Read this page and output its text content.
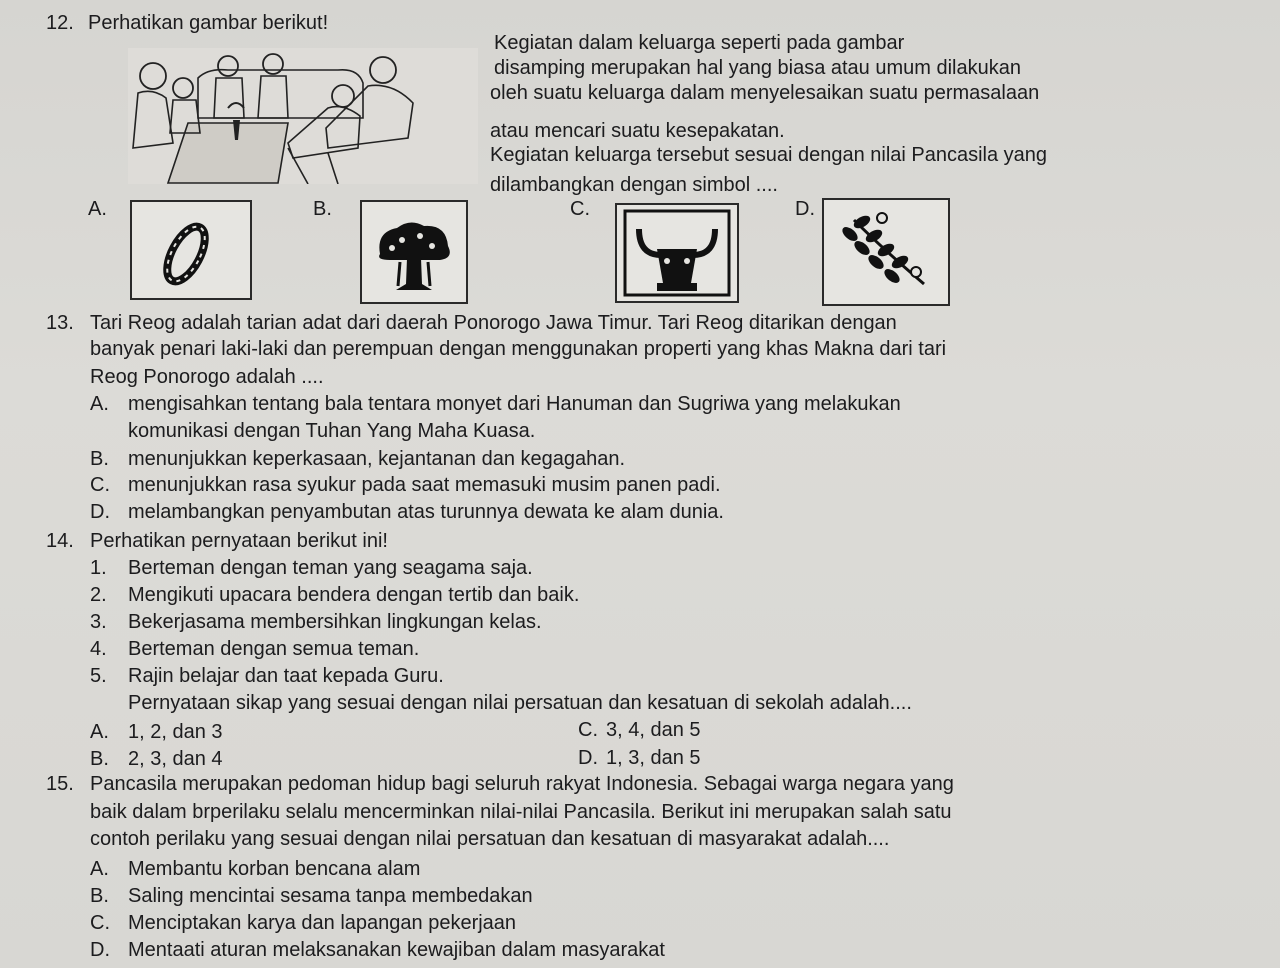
12. Perhatikan gambar berikut!
Kegiatan dalam keluarga seperti pada gambar
disamping merupakan hal yang biasa atau umum dilakukan
oleh suatu keluarga dalam menyelesaikan suatu permasalaan
atau mencari suatu kesepakatan.
Kegiatan keluarga tersebut sesuai dengan nilai Pancasila yang
dilambangkan dengan simbol ....
A.	B.	C.	D.
13. Tari Reog adalah tarian adat dari daerah Ponorogo Jawa Timur. Tari Reog ditarikan dengan
banyak penari laki-laki dan perempuan dengan menggunakan properti yang khas Makna dari tari
Reog Ponorogo adalah ....
A. mengisahkan tentang bala tentara monyet dari Hanuman dan Sugriwa yang melakukan
komunikasi dengan Tuhan Yang Maha Kuasa.
B. menunjukkan keperkasaan, kejantanan dan kegagahan.
C. menunjukkan rasa syukur pada saat memasuki musim panen padi.
D. melambangkan penyambutan atas turunnya dewata ke alam dunia.
14. Perhatikan pernyataan berikut ini!
1. Berteman dengan teman yang seagama saja.
2. Mengikuti upacara bendera dengan tertib dan baik.
3. Bekerjasama membersihkan lingkungan kelas.
4. Berteman dengan semua teman.
5. Rajin belajar dan taat kepada Guru.
Pernyataan sikap yang sesuai dengan nilai persatuan dan kesatuan di sekolah adalah....
A. 1, 2, dan 3	C. 3, 4, dan 5
B. 2, 3, dan 4	D. 1, 3, dan 5
15. Pancasila merupakan pedoman hidup bagi seluruh rakyat Indonesia. Sebagai warga negara yang
baik dalam brperilaku selalu mencerminkan nilai-nilai Pancasila. Berikut ini merupakan salah satu
contoh perilaku yang sesuai dengan nilai persatuan dan kesatuan di masyarakat adalah....
A. Membantu korban bencana alam
B. Saling mencintai sesama tanpa membedakan
C. Menciptakan karya dan lapangan pekerjaan
D. Mentaati aturan melaksanakan kewajiban dalam masyarakat
